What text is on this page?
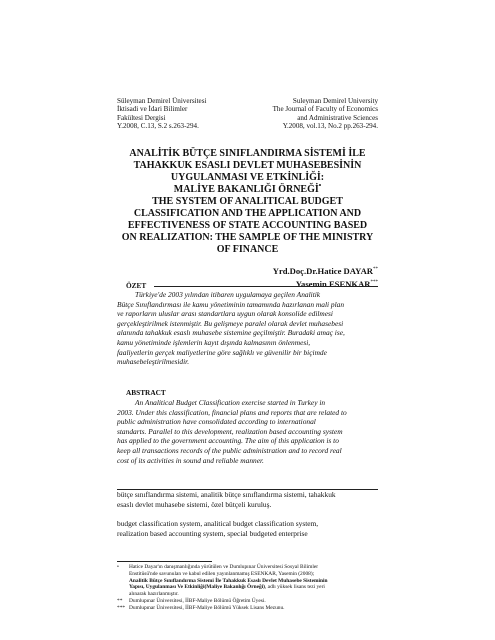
Süleyman Demirel Üniversitesi
İktisadi ve İdari Bilimler
Fakültesi Dergisi
Y.2008, C.13, S.2 s.263-294.
Suleyman Demirel University
The Journal of Faculty of Economics
and Administrative Sciences
Y.2008, vol.13, No.2 pp.263-294.
ANALİTİK BÜTÇE SINIFLANDIRMA SİSTEMİ İLE
TAHAKKUK ESASLI DEVLET MUHASEBESİNİN
UYGULANMASI VE ETKİNLİĞİ:
MALİYE BAKANLIĞI ÖRNEĞİ•
THE SYSTEM OF ANALITICAL BUDGET
CLASSIFICATION AND THE APPLICATION AND
EFFECTIVENESS OF STATE ACCOUNTING BASED
ON REALIZATION: THE SAMPLE OF THE MINISTRY
OF FINANCE
Yrd.Doç.Dr.Hatice DAYAR**
Yasemin ESENKAR***
ÖZET
Türkiye'de 2003 yılından itibaren uygulamaya geçilen Analitik
Bütçe Sınıflandırması ile kamu yönetiminin tamamında hazırlanan mali plan
ve raporların uluslar arası standartlara uygun olarak konsolide edilmesi
gerçekleştirilmek istenmiştir. Bu gelişmeye paralel olarak devlet muhasebesi
alanında tahakkuk esaslı muhasebe sistemine geçilmiştir. Buradaki amaç ise,
kamu yönetiminde işlemlerin kayıt dışında kalmasının önlenmesi,
faaliyetlerin gerçek maliyetlerine göre sağlıklı ve güvenilir bir biçimde
muhasebeleştirilmesidir.
ABSTRACT
An Analitical Budget Classification exercise started in Turkey in
2003. Under this classification, financial plans and reports that are related to
public administration have consolidated according to international
standarts. Parallel to this development, realization based accounting system
has applied to the government accounting. The aim of this application is to
keep all transactions records of the public administration and to record real
cost of its activities in sound and reliable manner.
bütçe sınıflandırma sistemi, analitik bütçe sınıflandırma sistemi, tahakkuk
esaslı devlet muhasebe sistemi, özel bütçeli kuruluş.
budget classification system, analitical budget classification system,
realization based accounting system, special budgeted enterprise
•	Hatice Dayar'ın danışmanlığında yürütülen ve Dumlupınar Üniversitesi Sosyal Bilimler
Enstitüsü'nde savunulan ve kabul edilen yayınlanmamış ESENKAR, Yasemin (2008);
Analitik Bütçe Sınıflandırma Sistemi İle Tahakkuk Esaslı Devlet Muhasebe Sisteminin
Yapısı, Uygulanması Ve Etkinliği(Maliye Bakanlığı Örneği), adlı yüksek lisans tezi yeri
alınarak hazırlanmıştır.
**	Dumlupınar Üniversitesi, İİBF-Maliye Bölümü Öğretim Üyesi.
*** Dumlupınar Üniversitesi, İİBF-Maliye Bölümü Yüksek Lisans Mezunu.
